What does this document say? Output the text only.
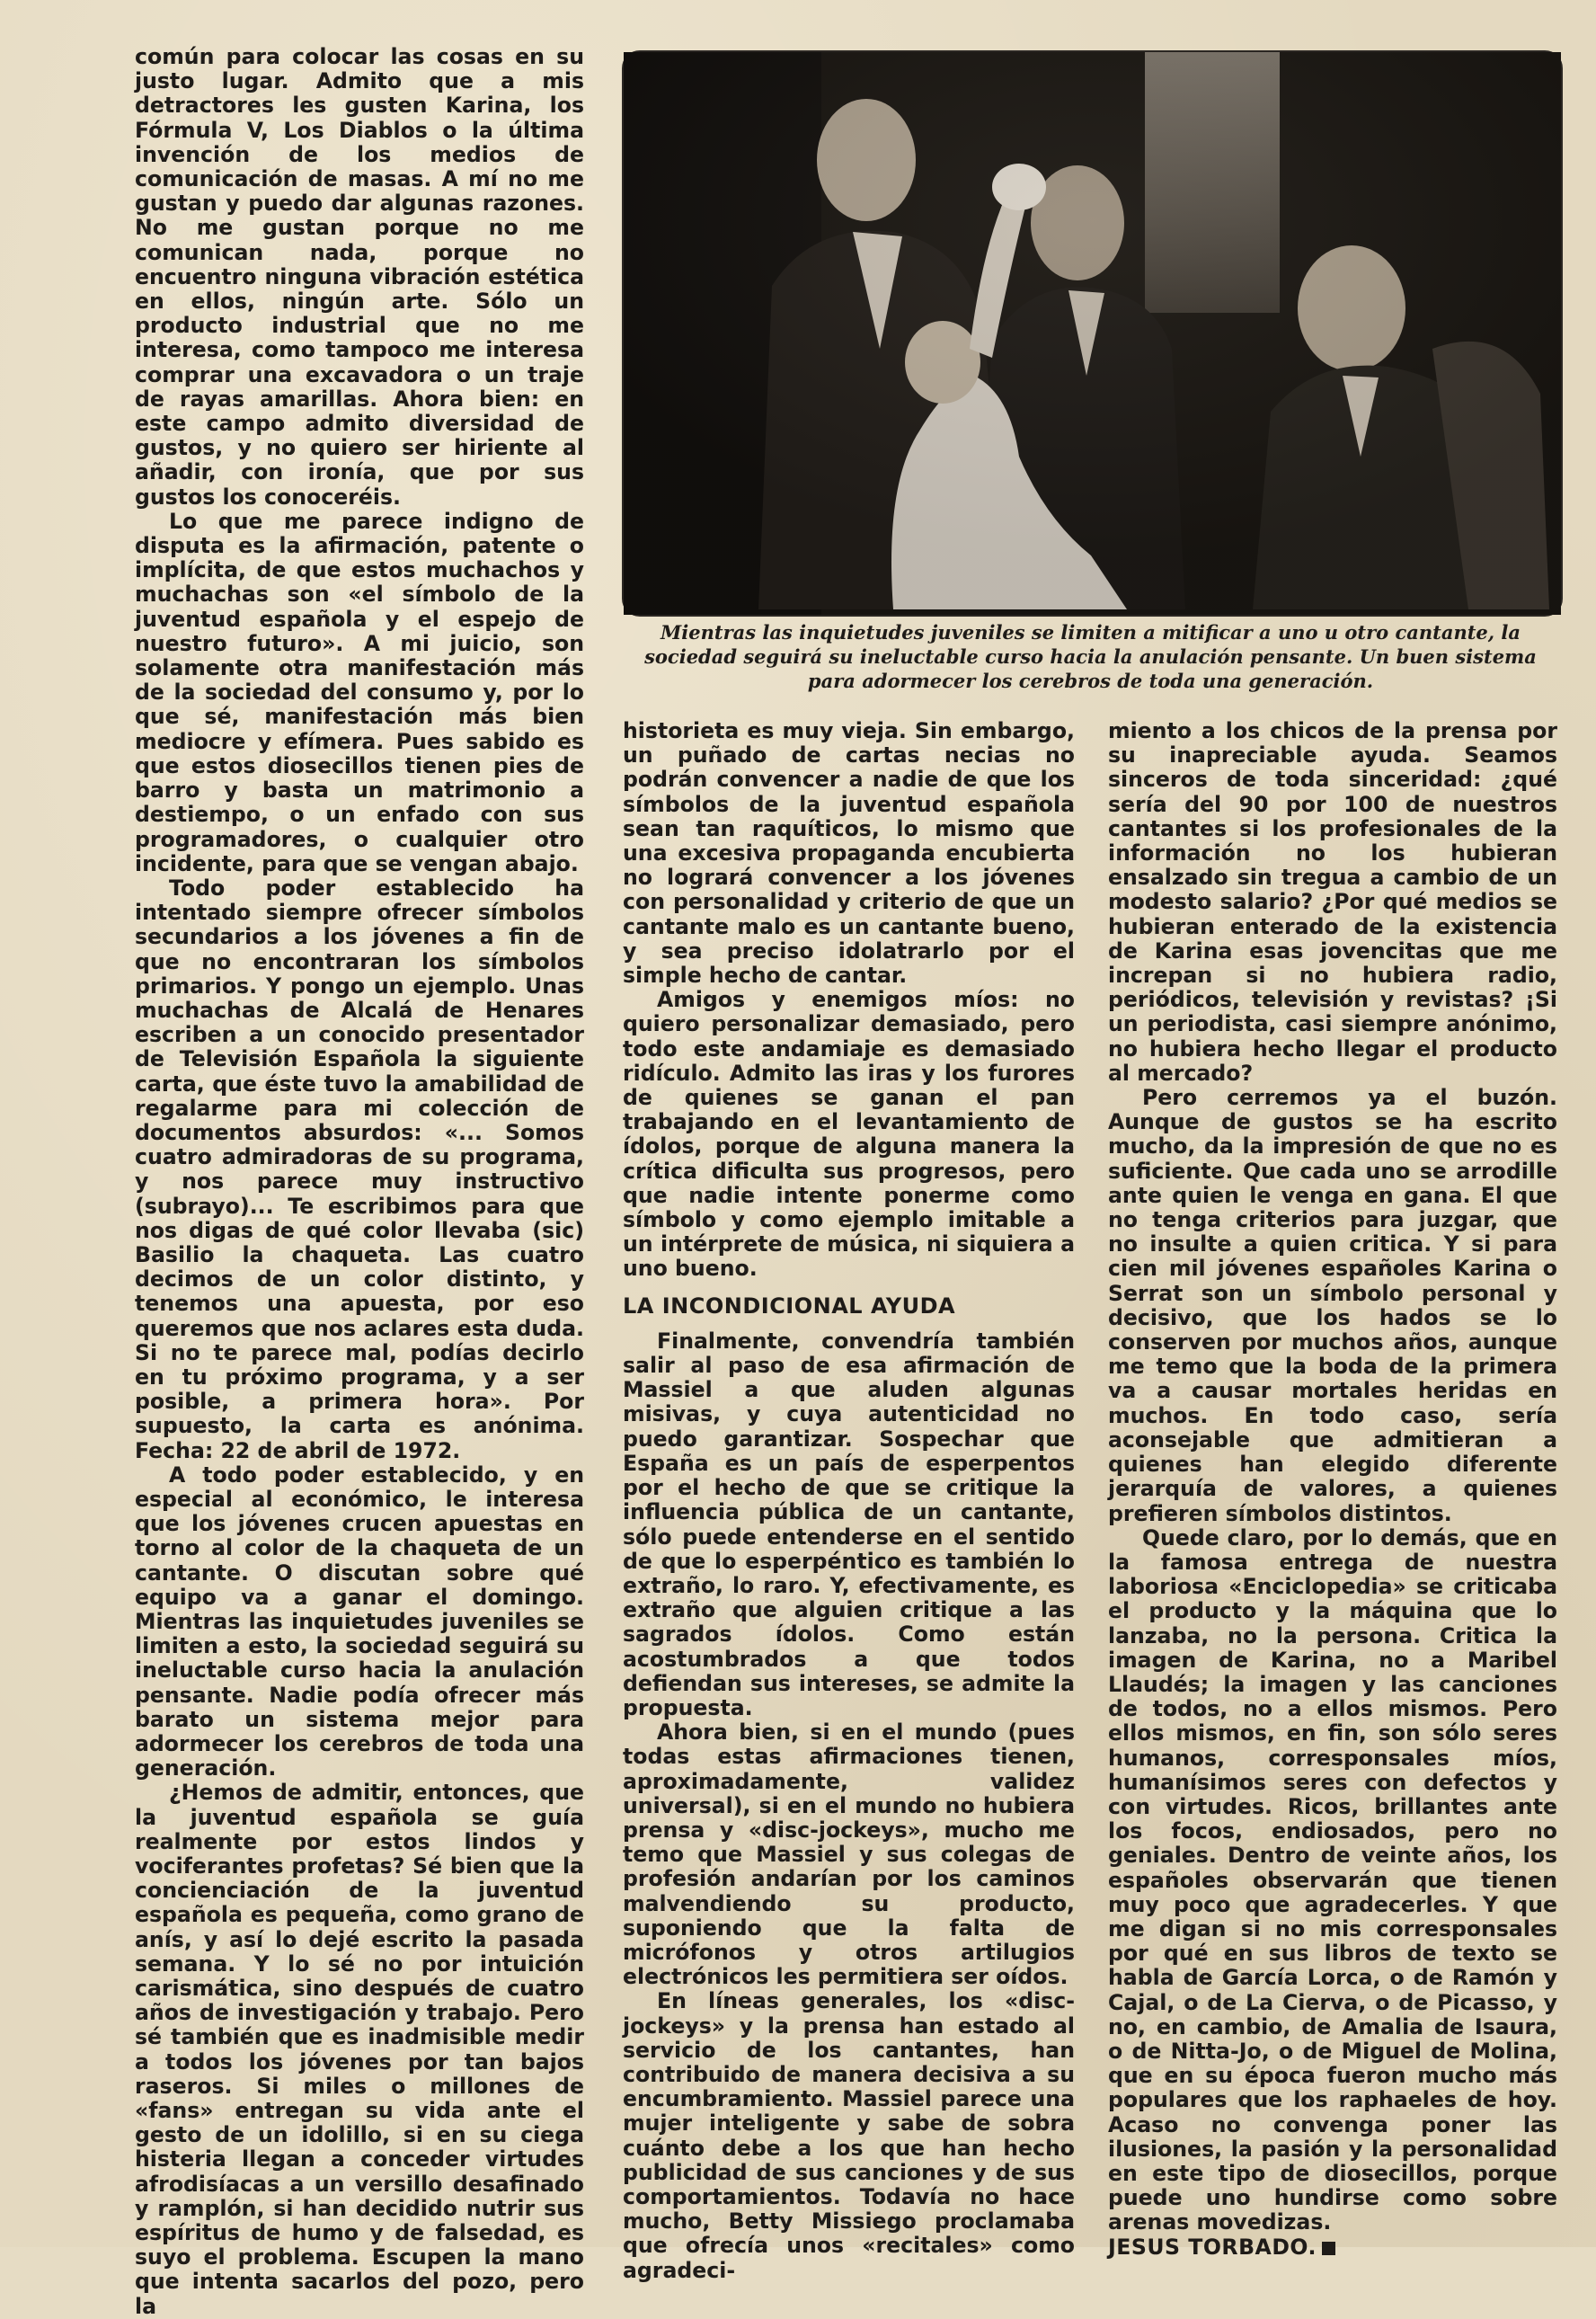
común para colocar las cosas en su justo lugar. Admito que a mis detractores les gusten Karina, los Fórmula V, Los Diablos o la última invención de los medios de comunicación de masas. A mí no me gustan y puedo dar algunas razones. No me gustan porque no me comunican nada, porque no encuentro ninguna vibración estética en ellos, ningún arte. Sólo un producto industrial que no me interesa, como tampoco me interesa comprar una excavadora o un traje de rayas amarillas. Ahora bien: en este campo admito diversidad de gustos, y no quiero ser hiriente al añadir, con ironía, que por sus gustos los conoceréis.

Lo que me parece indigno de disputa es la afirmación, patente o implícita, de que estos muchachos y muchachas son «el símbolo de la juventud española y el espejo de nuestro futuro». A mi juicio, son solamente otra manifestación más de la sociedad del consumo y, por lo que sé, manifestación más bien mediocre y efímera. Pues sabido es que estos diosecillos tienen pies de barro y basta un matrimonio a destiempo, o un enfado con sus programadores, o cualquier otro incidente, para que se vengan abajo.

Todo poder establecido ha intentado siempre ofrecer símbolos secundarios a los jóvenes a fin de que no encontraran los símbolos primarios. Y pongo un ejemplo. Unas muchachas de Alcalá de Henares escriben a un conocido presentador de Televisión Española la siguiente carta, que éste tuvo la amabilidad de regalarme para mi colección de documentos absurdos: «... Somos cuatro admiradoras de su programa, y nos parece muy instructivo (subrayo)... Te escribimos para que nos digas de qué color llevaba (sic) Basilio la chaqueta. Las cuatro decimos de un color distinto, y tenemos una apuesta, por eso queremos que nos aclares esta duda. Si no te parece mal, podías decirlo en tu próximo programa, y a ser posible, a primera hora». Por supuesto, la carta es anónima. Fecha: 22 de abril de 1972.

A todo poder establecido, y en especial al económico, le interesa que los jóvenes crucen apuestas en torno al color de la chaqueta de un cantante. O discutan sobre qué equipo va a ganar el domingo. Mientras las inquietudes juveniles se limiten a esto, la sociedad seguirá su ineluctable curso hacia la anulación pensante. Nadie podía ofrecer más barato un sistema mejor para adormecer los cerebros de toda una generación.

¿Hemos de admitir, entonces, que la juventud española se guía realmente por estos lindos y vociferantes profetas? Sé bien que la concienciación de la juventud española es pequeña, como grano de anís, y así lo dejé escrito la pasada semana. Y lo sé no por intuición carismática, sino después de cuatro años de investigación y trabajo. Pero sé también que es inadmisible medir a todos los jóvenes por tan bajos raseros. Si miles o millones de «fans» entregan su vida ante el gesto de un idolillo, si en su ciega histeria llegan a conceder virtudes afrodisíacas a un versillo desafinado y ramplón, si han decidido nutrir sus espíritus de humo y de falsedad, es suyo el problema. Escupen la mano que intenta sacarlos del pozo, pero la

Mientras las inquietudes juveniles se limiten a mitificar a uno u otro cantante, la sociedad seguirá su ineluctable curso hacia la anulación pensante. Un buen sistema para adormecer los cerebros de toda una generación.

historieta es muy vieja. Sin embargo, un puñado de cartas necias no podrán convencer a nadie de que los símbolos de la juventud española sean tan raquíticos, lo mismo que una excesiva propaganda encubierta no logrará convencer a los jóvenes con personalidad y criterio de que un cantante malo es un cantante bueno, y sea preciso idolatrarlo por el simple hecho de cantar.

Amigos y enemigos míos: no quiero personalizar demasiado, pero todo este andamiaje es demasiado ridículo. Admito las iras y los furores de quienes se ganan el pan trabajando en el levantamiento de ídolos, porque de alguna manera la crítica dificulta sus progresos, pero que nadie intente ponerme como símbolo y como ejemplo imitable a un intérprete de música, ni siquiera a uno bueno.

LA INCONDICIONAL AYUDA

Finalmente, convendría también salir al paso de esa afirmación de Massiel a que aluden algunas misivas, y cuya autenticidad no puedo garantizar. Sospechar que España es un país de esperpentos por el hecho de que se critique la influencia pública de un cantante, sólo puede entenderse en el sentido de que lo esperpéntico es también lo extraño, lo raro. Y, efectivamente, es extraño que alguien critique a las sagrados ídolos. Como están acostumbrados a que todos defiendan sus intereses, se admite la propuesta.

Ahora bien, si en el mundo (pues todas estas afirmaciones tienen, aproximadamente, validez universal), si en el mundo no hubiera prensa y «disc-jockeys», mucho me temo que Massiel y sus colegas de profesión andarían por los caminos malvendiendo su producto, suponiendo que la falta de micrófonos y otros artilugios electrónicos les permitiera ser oídos.

En líneas generales, los «disc-jockeys» y la prensa han estado al servicio de los cantantes, han contribuido de manera decisiva a su encumbramiento. Massiel parece una mujer inteligente y sabe de sobra cuánto debe a los que han hecho publicidad de sus canciones y de sus comportamientos. Todavía no hace mucho, Betty Missiego proclamaba que ofrecía unos «recitales» como agradeci-

miento a los chicos de la prensa por su inapreciable ayuda. Seamos sinceros de toda sinceridad: ¿qué sería del 90 por 100 de nuestros cantantes si los profesionales de la información no los hubieran ensalzado sin tregua a cambio de un modesto salario? ¿Por qué medios se hubieran enterado de la existencia de Karina esas jovencitas que me increpan si no hubiera radio, periódicos, televisión y revistas? ¡Si un periodista, casi siempre anónimo, no hubiera hecho llegar el producto al mercado?

Pero cerremos ya el buzón. Aunque de gustos se ha escrito mucho, da la impresión de que no es suficiente. Que cada uno se arrodille ante quien le venga en gana. El que no tenga criterios para juzgar, que no insulte a quien critica. Y si para cien mil jóvenes españoles Karina o Serrat son un símbolo personal y decisivo, que los hados se lo conserven por muchos años, aunque me temo que la boda de la primera va a causar mortales heridas en muchos. En todo caso, sería aconsejable que admitieran a quienes han elegido diferente jerarquía de valores, a quienes prefieren símbolos distintos.

Quede claro, por lo demás, que en la famosa entrega de nuestra laboriosa «Enciclopedia» se criticaba el producto y la máquina que lo lanzaba, no la persona. Critica la imagen de Karina, no a Maribel Llaudés; la imagen y las canciones de todos, no a ellos mismos. Pero ellos mismos, en fin, son sólo seres humanos, corresponsales míos, humanísimos seres con defectos y con virtudes. Ricos, brillantes ante los focos, endiosados, pero no geniales. Dentro de veinte años, los españoles observarán que tienen muy poco que agradecerles. Y que me digan si no mis corresponsales por qué en sus libros de texto se habla de García Lorca, o de Ramón y Cajal, o de La Cierva, o de Picasso, y no, en cambio, de Amalia de Isaura, o de Nitta-Jo, o de Miguel de Molina, que en su época fueron mucho más populares que los raphaeles de hoy. Acaso no convenga poner las ilusiones, la pasión y la personalidad en este tipo de diosecillos, porque puede uno hundirse como sobre arenas movedizas.

JESUS TORBADO.
